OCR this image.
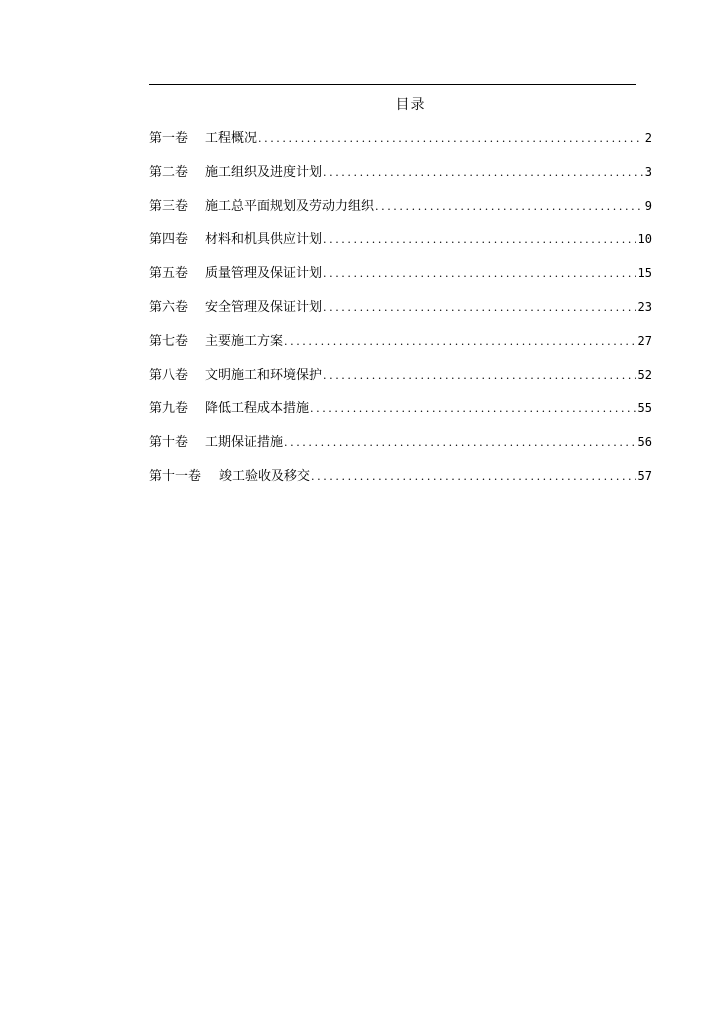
目录
第一卷	工程概况 .....	2
第二卷	施工组织及进度计划 .....	3
第三卷	施工总平面规划及劳动力组织 .....	9
第四卷	材料和机具供应计划 .....	10
第五卷	质量管理及保证计划 .....	15
第六卷	安全管理及保证计划 .....	23
第七卷	主要施工方案 .....	27
第八卷	文明施工和环境保护 .....	52
第九卷	降低工程成本措施 .....	55
第十卷	工期保证措施 .....	56
第十一卷	竣工验收及移交 .....	57
